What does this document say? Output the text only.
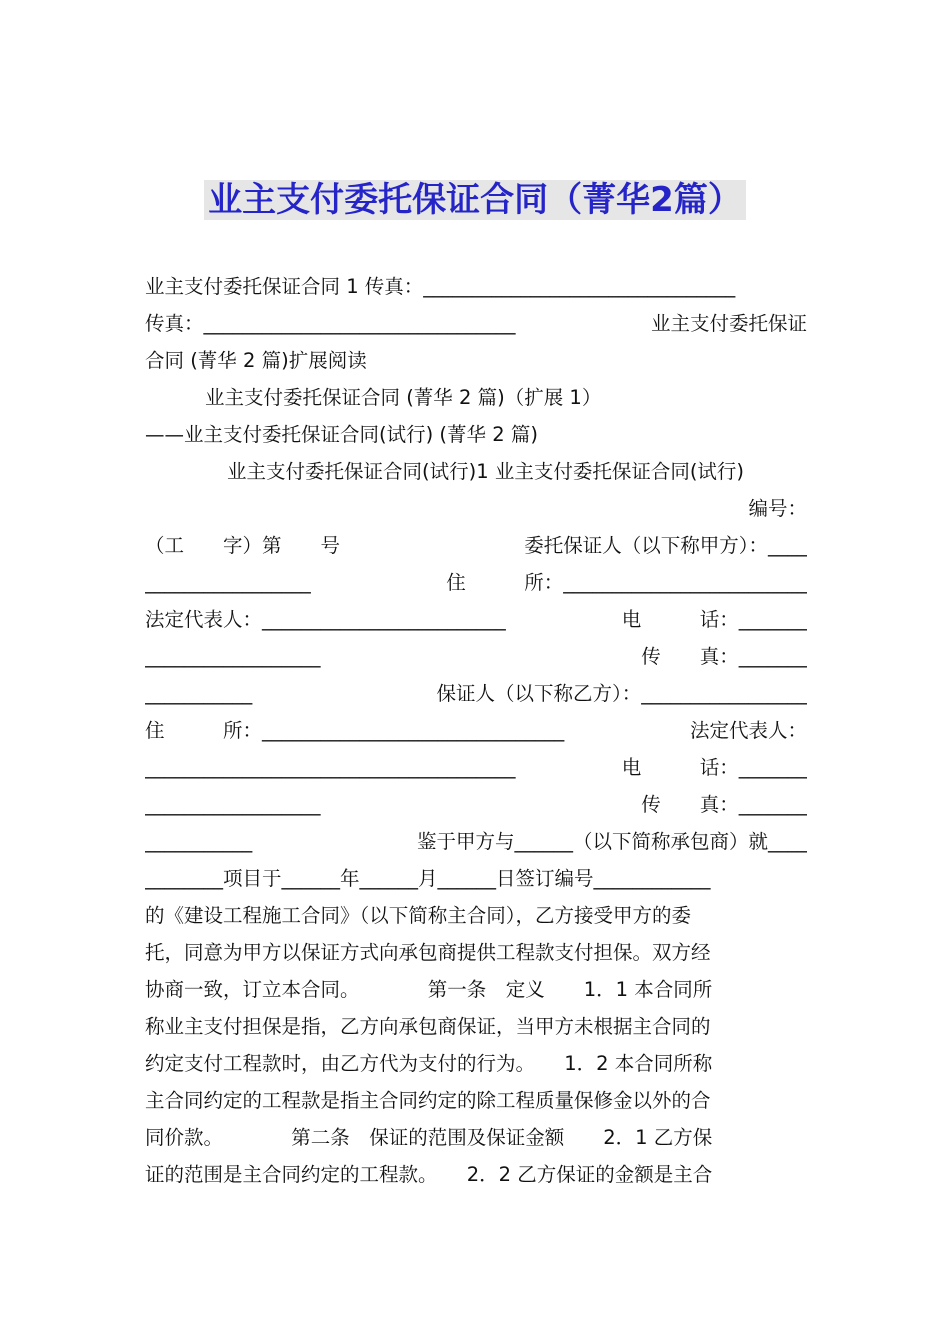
业主支付委托保证合同（菁华2篇）
业主支付委托保证合同 1 传真：________________________________
传真：________________________________	业主支付委托保证
合同 (菁华 2 篇)扩展阅读
业主支付委托保证合同 (菁华 2 篇)（扩展 1）
——业主支付委托保证合同(试行) (菁华 2 篇)
业主支付委托保证合同(试行)1 业主支付委托保证合同(试行)
编号：
（工　　字）第　　号	委托保证人（以下称甲方）：____
_________________	住　　　所：_________________________
法定代表人：_________________________	电　　　话：_______
__________________	传　　真：_______
___________	保证人（以下称乙方）：_________________
住　　　所：_______________________________	法定代表人：
______________________________________	电　　　话：_______
__________________	传　　真：_______
___________	鉴于甲方与______（以下简称承包商）就____
________项目于______年______月______日签订编号____________
的《建设工程施工合同》（以下简称主合同），乙方接受甲方的委
托，同意为甲方以保证方式向承包商提供工程款支付担保。双方经
协商一致，订立本合同。　　　　第一条　定义　　1．1 本合同所
称业主支付担保是指，乙方向承包商保证，当甲方未根据主合同的
约定支付工程款时，由乙方代为支付的行为。　　1．2 本合同所称
主合同约定的工程款是指主合同约定的除工程质量保修金以外的合
同价款。　　　　第二条　保证的范围及保证金额　　2．1 乙方保
证的范围是主合同约定的工程款。　　2．2 乙方保证的金额是主合
